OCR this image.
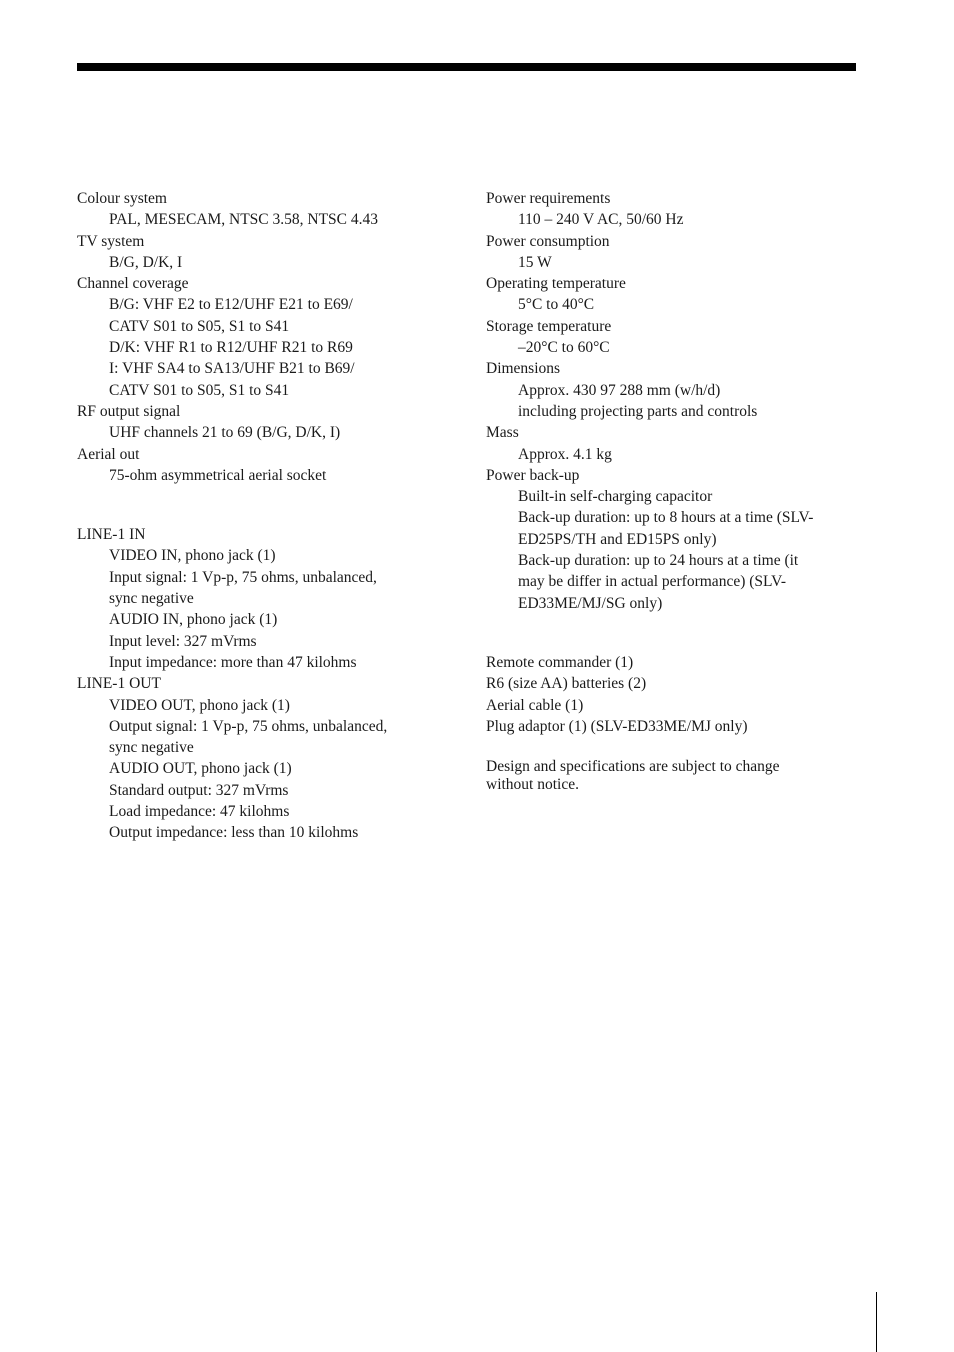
Colour system
PAL, MESECAM, NTSC 3.58, NTSC 4.43
TV system
B/G, D/K, I
Channel coverage
B/G: VHF E2 to E12/UHF E21 to E69/
CATV S01 to S05, S1 to S41
D/K: VHF R1 to R12/UHF R21 to R69
I: VHF SA4 to SA13/UHF B21 to B69/
CATV S01 to S05, S1 to S41
RF output signal
UHF channels 21 to 69 (B/G, D/K, I)
Aerial out
75-ohm asymmetrical aerial socket
LINE-1 IN
VIDEO IN, phono jack (1)
Input signal: 1 Vp-p, 75 ohms, unbalanced,
sync negative
AUDIO IN, phono jack (1)
Input level: 327 mVrms
Input impedance: more than 47 kilohms
LINE-1 OUT
VIDEO OUT, phono jack (1)
Output signal: 1 Vp-p, 75 ohms, unbalanced,
sync negative
AUDIO OUT, phono jack (1)
Standard output: 327 mVrms
Load impedance: 47 kilohms
Output impedance: less than 10 kilohms
Power requirements
110 – 240 V AC, 50/60 Hz
Power consumption
15 W
Operating temperature
5°C to 40°C
Storage temperature
–20°C to 60°C
Dimensions
Approx. 430 97 288 mm (w/h/d)
including projecting parts and controls
Mass
Approx. 4.1 kg
Power back-up
Built-in self-charging capacitor
Back-up duration: up to 8 hours at a time (SLV-
ED25PS/TH and ED15PS only)
Back-up duration: up to 24 hours at a time (it
may be differ in actual performance) (SLV-
ED33ME/MJ/SG only)
Remote commander (1)
R6 (size AA) batteries (2)
Aerial cable (1)
Plug adaptor (1) (SLV-ED33ME/MJ only)
Design and specifications are subject to change
without notice.
